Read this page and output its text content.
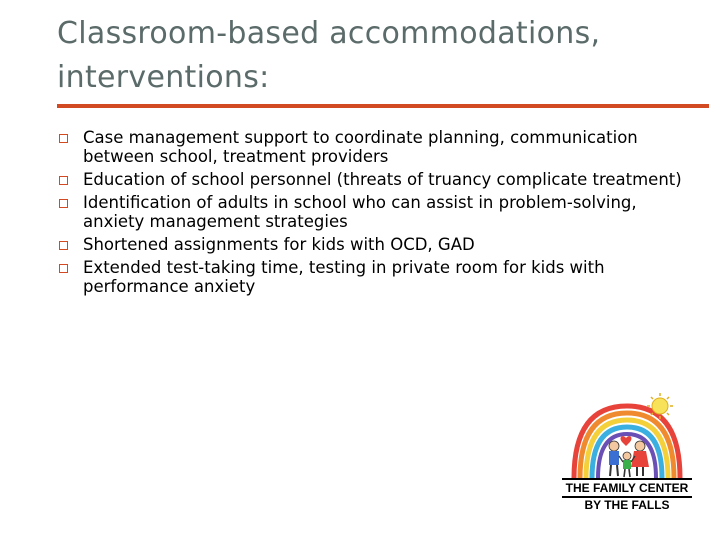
Classroom-based accommodations,
interventions:
Case management support to coordinate planning, communication between school, treatment providers
Education of school personnel (threats of truancy complicate treatment)
Identification of adults in school who can assist in problem-solving, anxiety management strategies
Shortened assignments for kids with OCD, GAD
Extended test-taking time, testing in private room for kids with performance anxiety
THE FAMILY CENTER
BY THE FALLS
